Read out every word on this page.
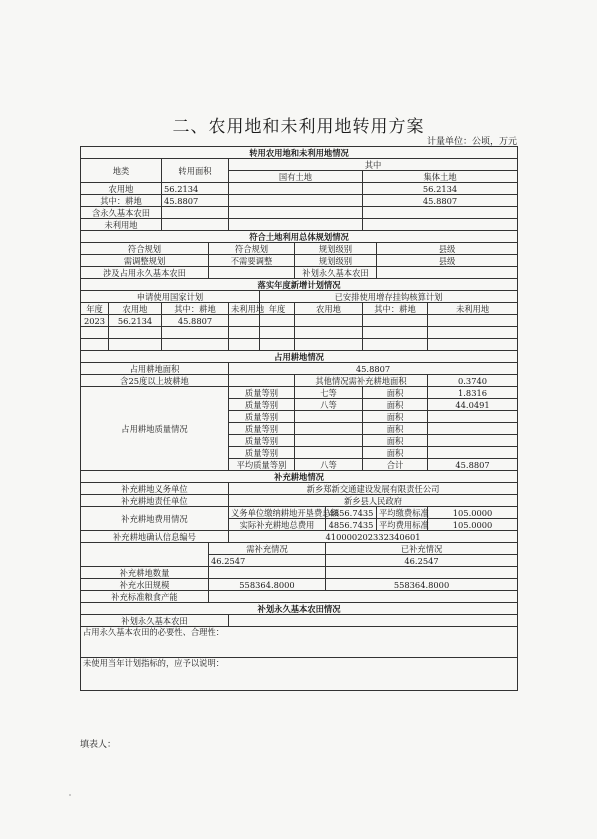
二、农用地和未利用地转用方案
计量单位：公顷，万元
转用农用地和未利用地情况										
地类		转用面积		其中						
				国有土地				集体土地		
农用地		56.2134						56.2134		
其中：耕地		45.8807						45.8807		
含永久基本农田										
未利用地										
符合土地利用总体规划情况										
符合规划			符合规划			规划级别			县级	
需调整规划			不需要调整			规划级别			县级	
涉及占用永久基本农田						补划永久基本农田				
落实年度新增计划情况										
申请使用国家计划					已安排使用增存挂钩核算计划					
年度	农用地	其中：耕地		未利用地	年度	农用地		其中：耕地		未利用地
2023	56.2134	45.8807								

占用耕地情况										
占用耕地面积				45.8807						
含25度以上坡耕地						其他情况需补充耕地面积				0.3740
占用耕地质量情况				质量等别		七等		面积		1.8316
				质量等别		八等		面积		44.0491
				质量等别				面积		
				质量等别				面积		
				质量等别				面积		
				质量等别				面积		
				平均质量等别		八等		合计		45.8807
补充耕地情况										
补充耕地义务单位				新乡郑新交通建设发展有限责任公司						
补充耕地责任单位				新乡县人民政府						
补充耕地费用情况				义务单位缴纳耕地开垦费总额			4856.7435		平均缴费标准	105.0000
				实际补充耕地总费用			4856.7435		平均费用标准	105.0000
补充耕地确认信息编号				410000202332340601						
			需补充情况				已补充情况			
			46.2547				46.2547			
补充耕地数量										
补充水田规模			558364.8000				558364.8000			
补充标准粮食产能										
补划永久基本农田情况										
补划永久基本农田										
占用永久基本农田的必要性、合理性：										
未使用当年计划指标的，应予以说明：										
填表人：
